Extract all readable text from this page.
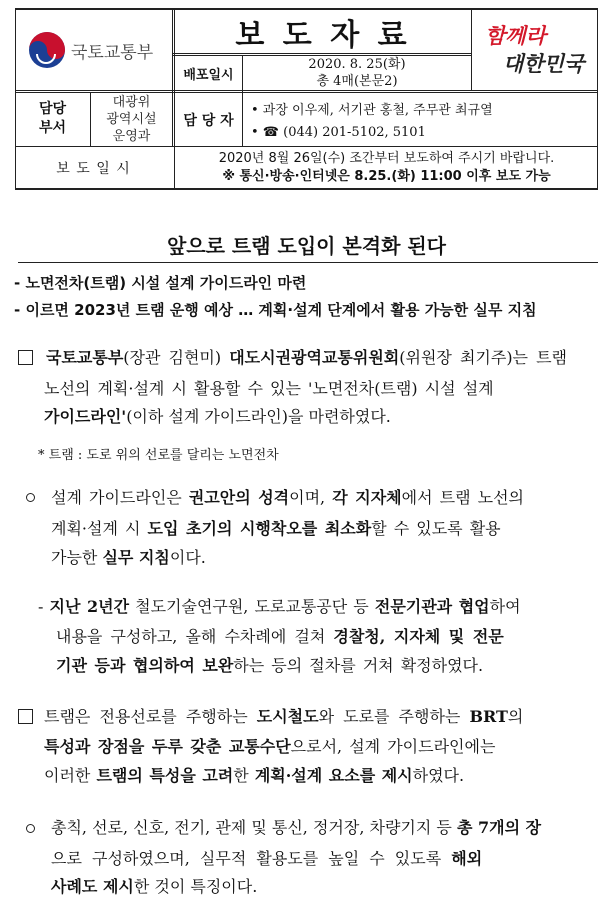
국토교통부
보 도 자 료
배포일시
2020. 8. 25(화)
총 4매(본문2)
함께라
대한민국
담당
부서
대광위
광역시설
운영과
담 당 자
• 과장 이우제, 서기관 홍철, 주무관 최규열
• ☎ (044) 201-5102, 5101
보 도 일 시
2020년 8월 26일(수) 조간부터 보도하여 주시기 바랍니다.
※ 통신·방송·인터넷은 8.25.(화) 11:00 이후 보도 가능
앞으로 트램 도입이 본격화 된다
- 노면전차(트램) 시설 설계 가이드라인 마련
- 이르면 2023년 트램 운행 예상 … 계획·설계 단계에서 활용 가능한 실무 지침
국토교통부(장관 김현미) 대도시권광역교통위원회(위원장 최기주)는 트램
노선의 계획·설계 시 활용할 수 있는 '노면전차(트램) 시설 설계
가이드라인'(이하 설계 가이드라인)을 마련하였다.
* 트램 : 도로 위의 선로를 달리는 노면전차
설계 가이드라인은 권고안의 성격이며, 각 지자체에서 트램 노선의
계획·설계 시 도입 초기의 시행착오를 최소화할 수 있도록 활용
가능한 실무 지침이다.
- 지난 2년간 철도기술연구원, 도로교통공단 등 전문기관과 협업하여
내용을 구성하고, 올해 수차례에 걸쳐 경찰청, 지자체 및 전문
기관 등과 협의하여 보완하는 등의 절차를 거쳐 확정하였다.
트램은 전용선로를 주행하는 도시철도와 도로를 주행하는 BRT의
특성과 장점을 두루 갖춘 교통수단으로서, 설계 가이드라인에는
이러한 트램의 특성을 고려한 계획·설계 요소를 제시하였다.
총칙, 선로, 신호, 전기, 관제 및 통신, 정거장, 차량기지 등 총 7개의 장
으로 구성하였으며, 실무적 활용도를 높일 수 있도록 해외
사례도 제시한 것이 특징이다.
